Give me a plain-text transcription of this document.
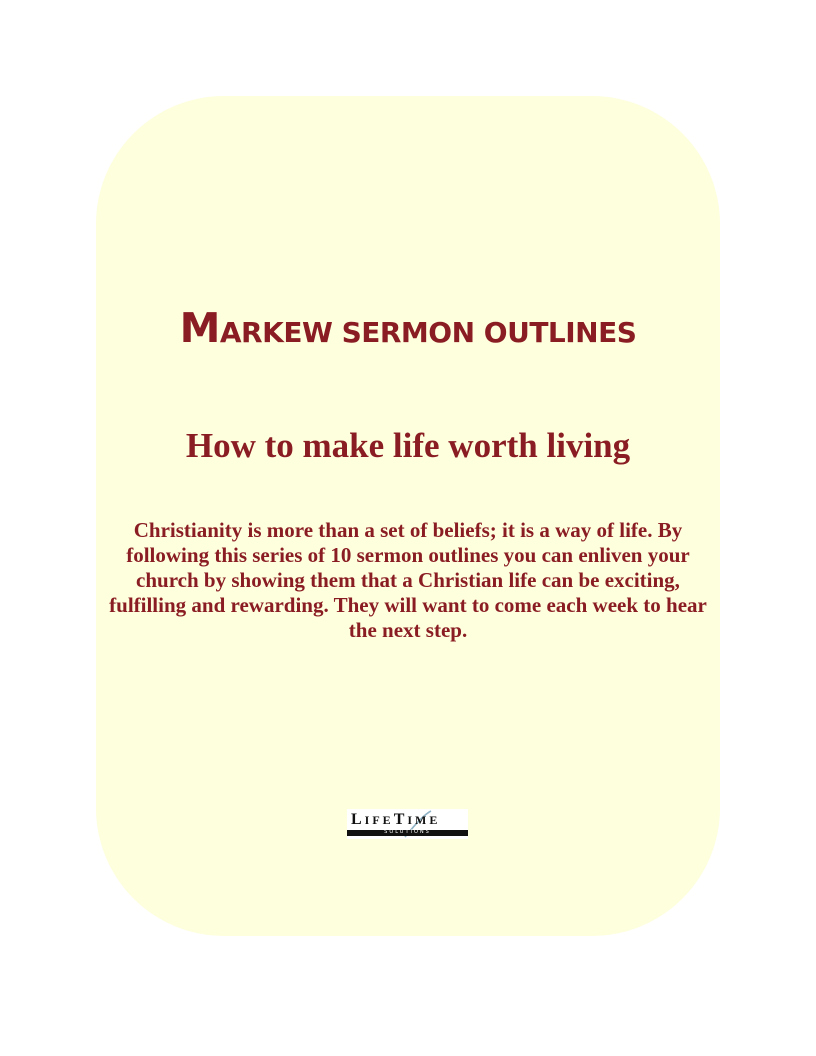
MARKEW SERMON OUTLINES
How to make life worth living
Christianity is more than a set of beliefs; it is a way of life. By following this series of 10 sermon outlines you can enliven your church by showing them that a Christian life can be exciting, fulfilling and rewarding. They will want to come each week to hear the next step.
LIFETIME
SOLUTIONS
